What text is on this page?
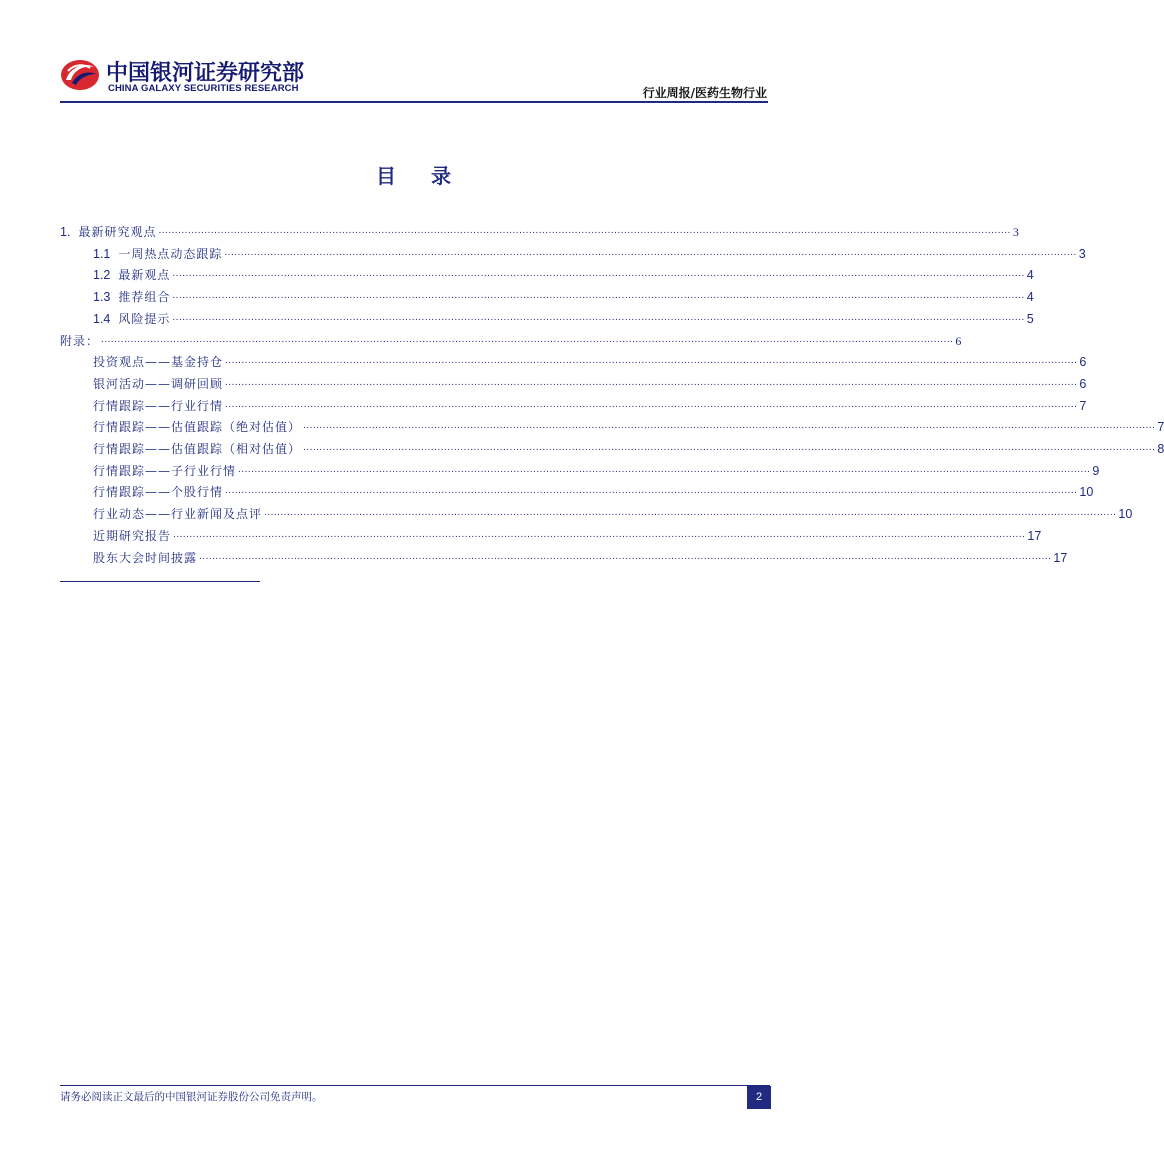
中国银河证券研究部
CHINA GALAXY SECURITIES RESEARCH	行业周报/医药生物行业
目 录
1. 最新研究观点 .................................................................................................................................................................................................................................................................... 3
1.1 一周热点动态跟踪 .................................................................................................................................................................................................................................................................... 3
1.2 最新观点 .................................................................................................................................................................................................................................................................... 4
1.3 推荐组合 .................................................................................................................................................................................................................................................................... 4
1.4 风险提示 .................................................................................................................................................................................................................................................................... 5
附录： .................................................................................................................................................................................................................................................................... 6
投资观点——基金持仓 .................................................................................................................................................................................................................................................................... 6
银河活动——调研回顾 .................................................................................................................................................................................................................................................................... 6
行情跟踪——行业行情 .................................................................................................................................................................................................................................................................... 7
行情跟踪——估值跟踪（绝对估值） .................................................................................................................................................................................................................................................................... 7
行情跟踪——估值跟踪（相对估值） .................................................................................................................................................................................................................................................................... 8
行情跟踪——子行业行情 .................................................................................................................................................................................................................................................................... 9
行情跟踪——个股行情 .................................................................................................................................................................................................................................................................... 10
行业动态——行业新闻及点评 .................................................................................................................................................................................................................................................................... 10
近期研究报告 .................................................................................................................................................................................................................................................................... 17
股东大会时间披露 .................................................................................................................................................................................................................................................................... 17
请务必阅读正文最后的中国银河证券股份公司免责声明。	2
